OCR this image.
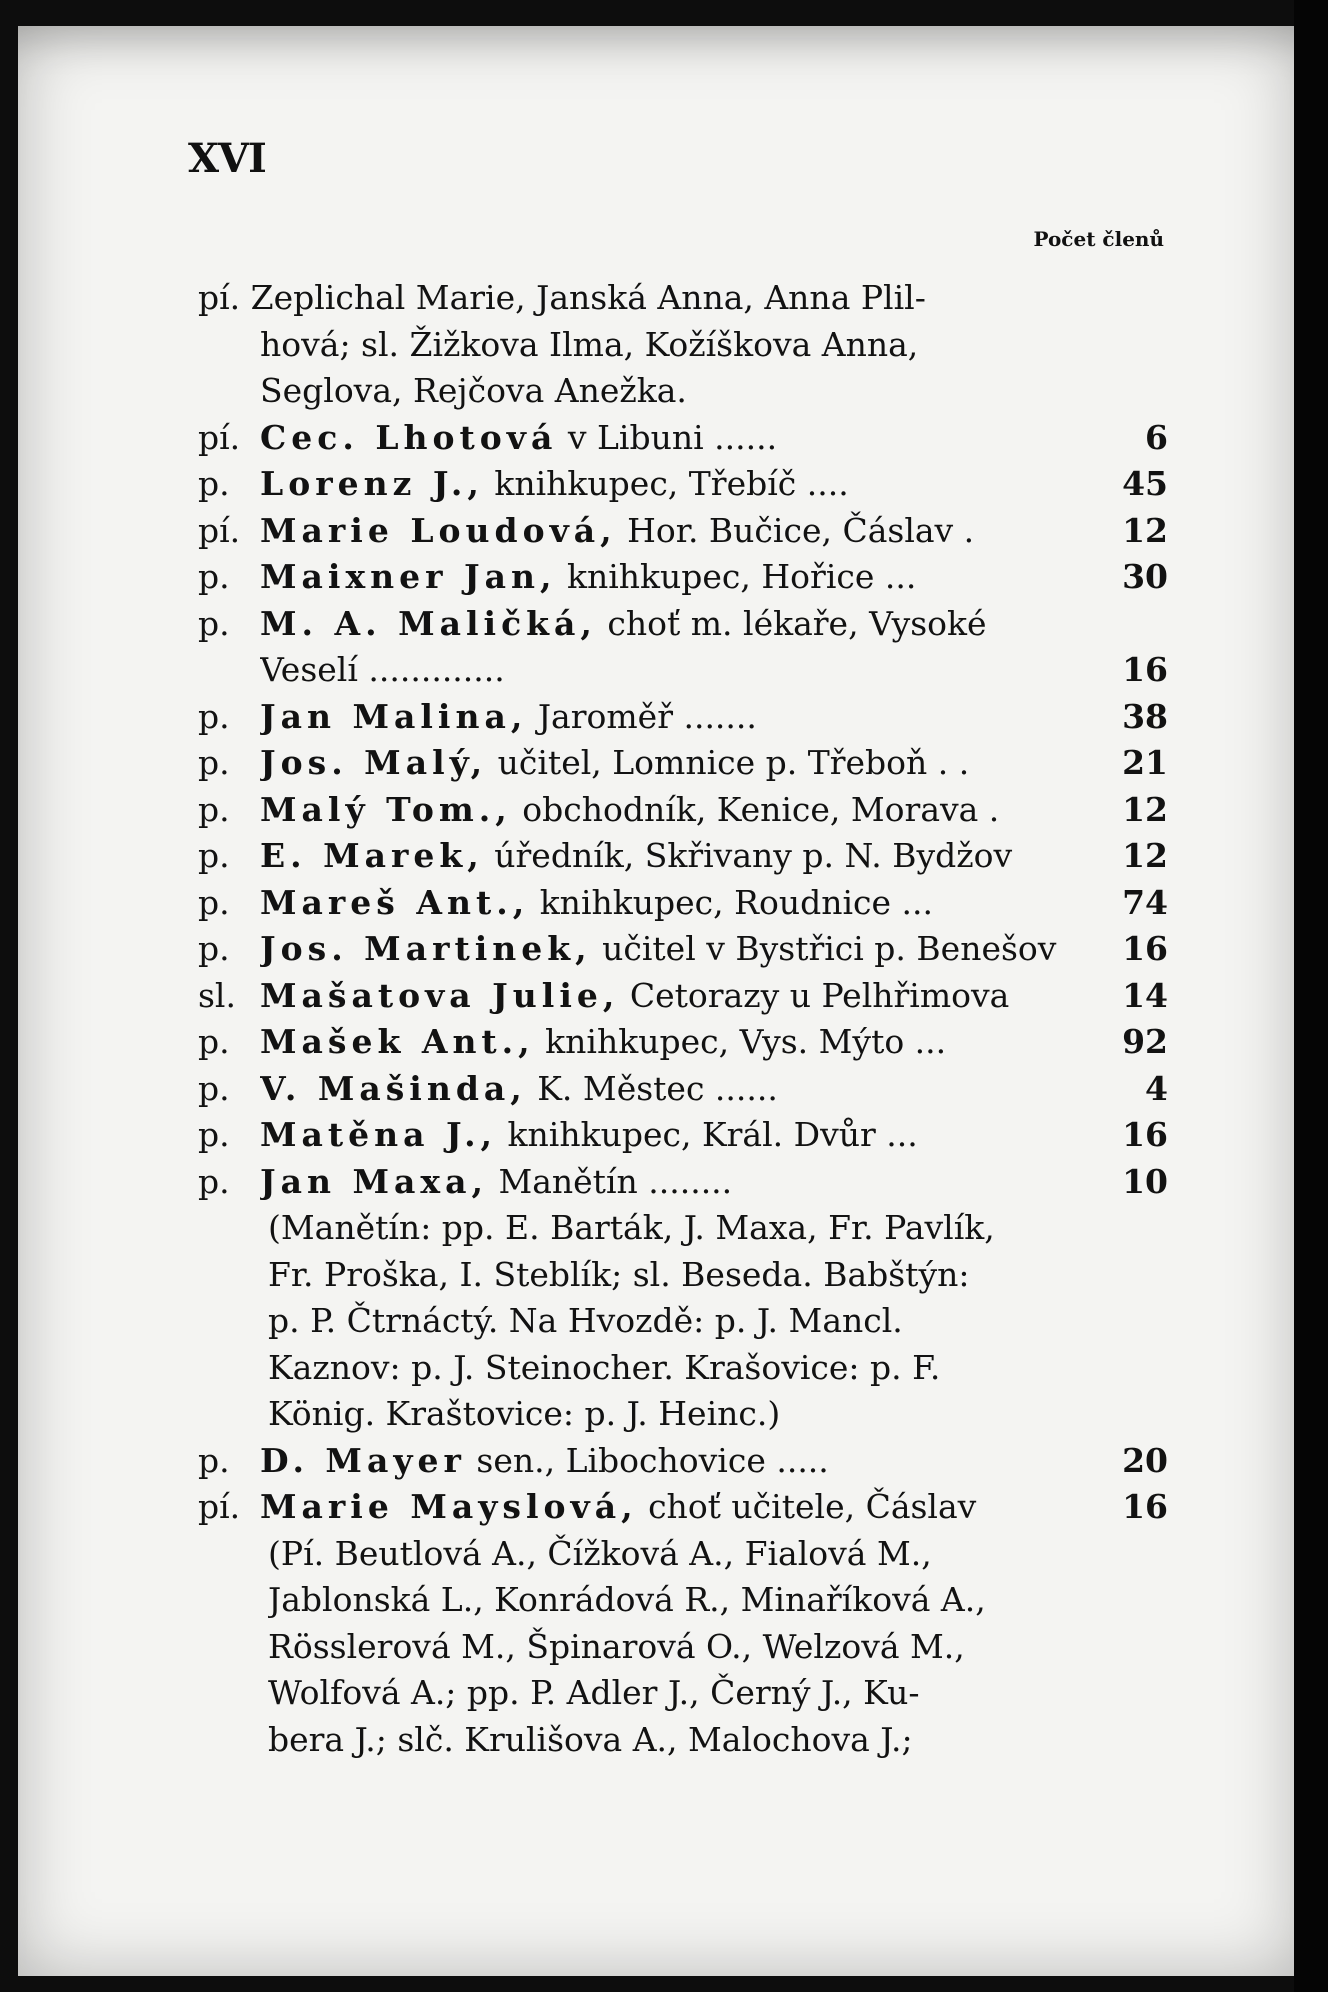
XVI
Počet členů
pí. Zeplichal Marie, Janská Anna, Anna Plil-
hová; sl. Žižkova Ilma, Kožíškova Anna,
Seglova, Rejčova Anežka.
pí. Cec. Lhotová v Libuni ......	6
p. Lorenz J., knihkupec, Třebíč ....	45
pí. Marie Loudová, Hor. Bučice, Čáslav .	12
p. Maixner Jan, knihkupec, Hořice ...	30
p. M. A. Maličká, choť m. lékaře, Vysoké
Veselí .............	16
p. Jan Malina, Jaroměř .......	38
p. Jos. Malý, učitel, Lomnice p. Třeboň . .	21
p. Malý Tom., obchodník, Kenice, Morava .	12
p. E. Marek, úředník, Skřivany p. N. Bydžov	12
p. Mareš Ant., knihkupec, Roudnice ...	74
p. Jos. Martinek, učitel v Bystřici p. Benešov	16
sl. Mašatova Julie, Cetorazy u Pelhřimova	14
p. Mašek Ant., knihkupec, Vys. Mýto ...	92
p. V. Mašinda, K. Městec ......	4
p. Matěna J., knihkupec, Král. Dvůr ...	16
p. Jan Maxa, Manětín ........	10
(Manětín: pp. E. Barták, J. Maxa, Fr. Pavlík,
Fr. Proška, I. Steblík; sl. Beseda. Babštýn:
p. P. Čtrnáctý. Na Hvozdě: p. J. Mancl.
Kaznov: p. J. Steinocher. Krašovice: p. F.
König. Kraštovice: p. J. Heinc.)
p. D. Mayer sen., Libochovice .....	20
pí. Marie Mayslová, choť učitele, Čáslav	16
(Pí. Beutlová A., Čížková A., Fialová M.,
Jablonská L., Konrádová R., Minaříková A.,
Rösslerová M., Špinarová O., Welzová M.,
Wolfová A.; pp. P. Adler J., Černý J., Ku-
bera J.; slč. Krulišova A., Malochova J.;
